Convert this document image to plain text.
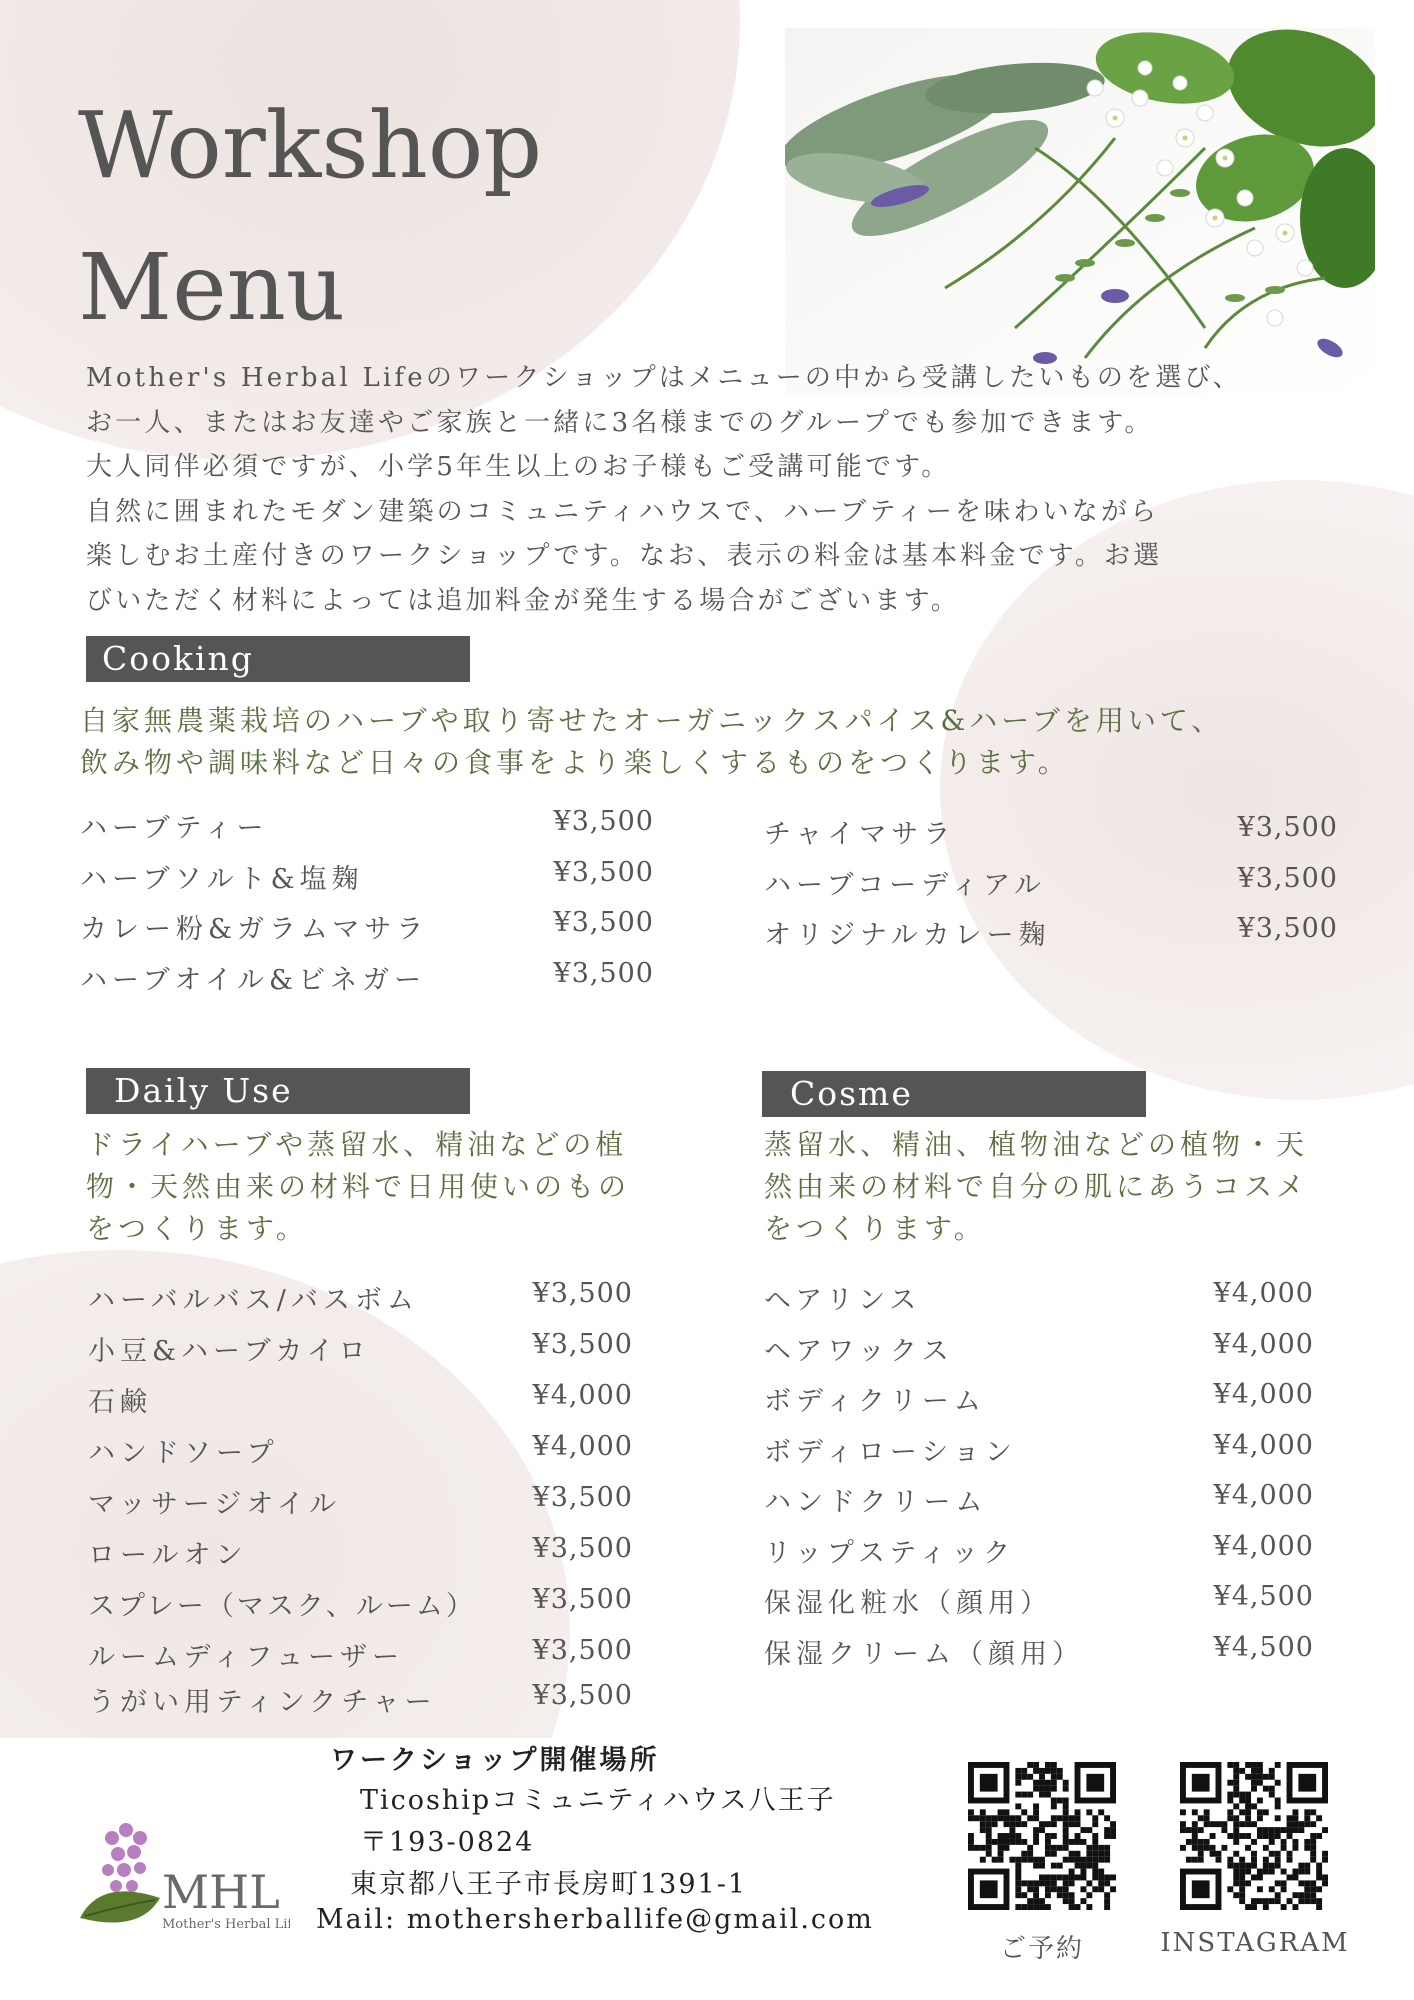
Workshop
Menu
Mother's Herbal Lifeのワークショップはメニューの中から受講したいものを選び、
お一人、またはお友達やご家族と一緒に3名様までのグループでも参加できます。
大人同伴必須ですが、小学5年生以上のお子様もご受講可能です。
自然に囲まれたモダン建築のコミュニティハウスで、ハーブティーを味わいながら
楽しむお土産付きのワークショップです。なお、表示の料金は基本料金です。お選
びいただく材料によっては追加料金が発生する場合がございます。
Cooking
自家無農薬栽培のハーブや取り寄せたオーガニックスパイス&ハーブを用いて、
飲み物や調味料など日々の食事をより楽しくするものをつくります。
ハーブティー	¥3,500
ハーブソルト&塩麹	¥3,500
カレー粉&ガラムマサラ	¥3,500
ハーブオイル&ビネガー	¥3,500
チャイマサラ	¥3,500
ハーブコーディアル	¥3,500
オリジナルカレー麹	¥3,500
Daily Use
ドライハーブや蒸留水、精油などの植
物・天然由来の材料で日用使いのもの
をつくります。
ハーバルバス/バスボム	¥3,500
小豆&ハーブカイロ	¥3,500
石鹸	¥4,000
ハンドソープ	¥4,000
マッサージオイル	¥3,500
ロールオン	¥3,500
スプレー（マスク、ルーム） ¥3,500
ルームディフューザー	¥3,500
うがい用ティンクチャー	¥3,500
Cosme
蒸留水、精油、植物油などの植物・天
然由来の材料で自分の肌にあうコスメ
をつくります。
ヘアリンス	¥4,000
ヘアワックス	¥4,000
ボディクリーム	¥4,000
ボディローション	¥4,000
ハンドクリーム	¥4,000
リップスティック	¥4,000
保湿化粧水（顔用）	¥4,500
保湿クリーム（顔用）	¥4,500
ワークショップ開催場所
Ticoshipコミュニティハウス八王子
〒193-0824
東京都八王子市長房町1391-1
Mail: mothersherballife@gmail.com
MHL
Mother's Herbal Life
ご予約	INSTAGRAM
